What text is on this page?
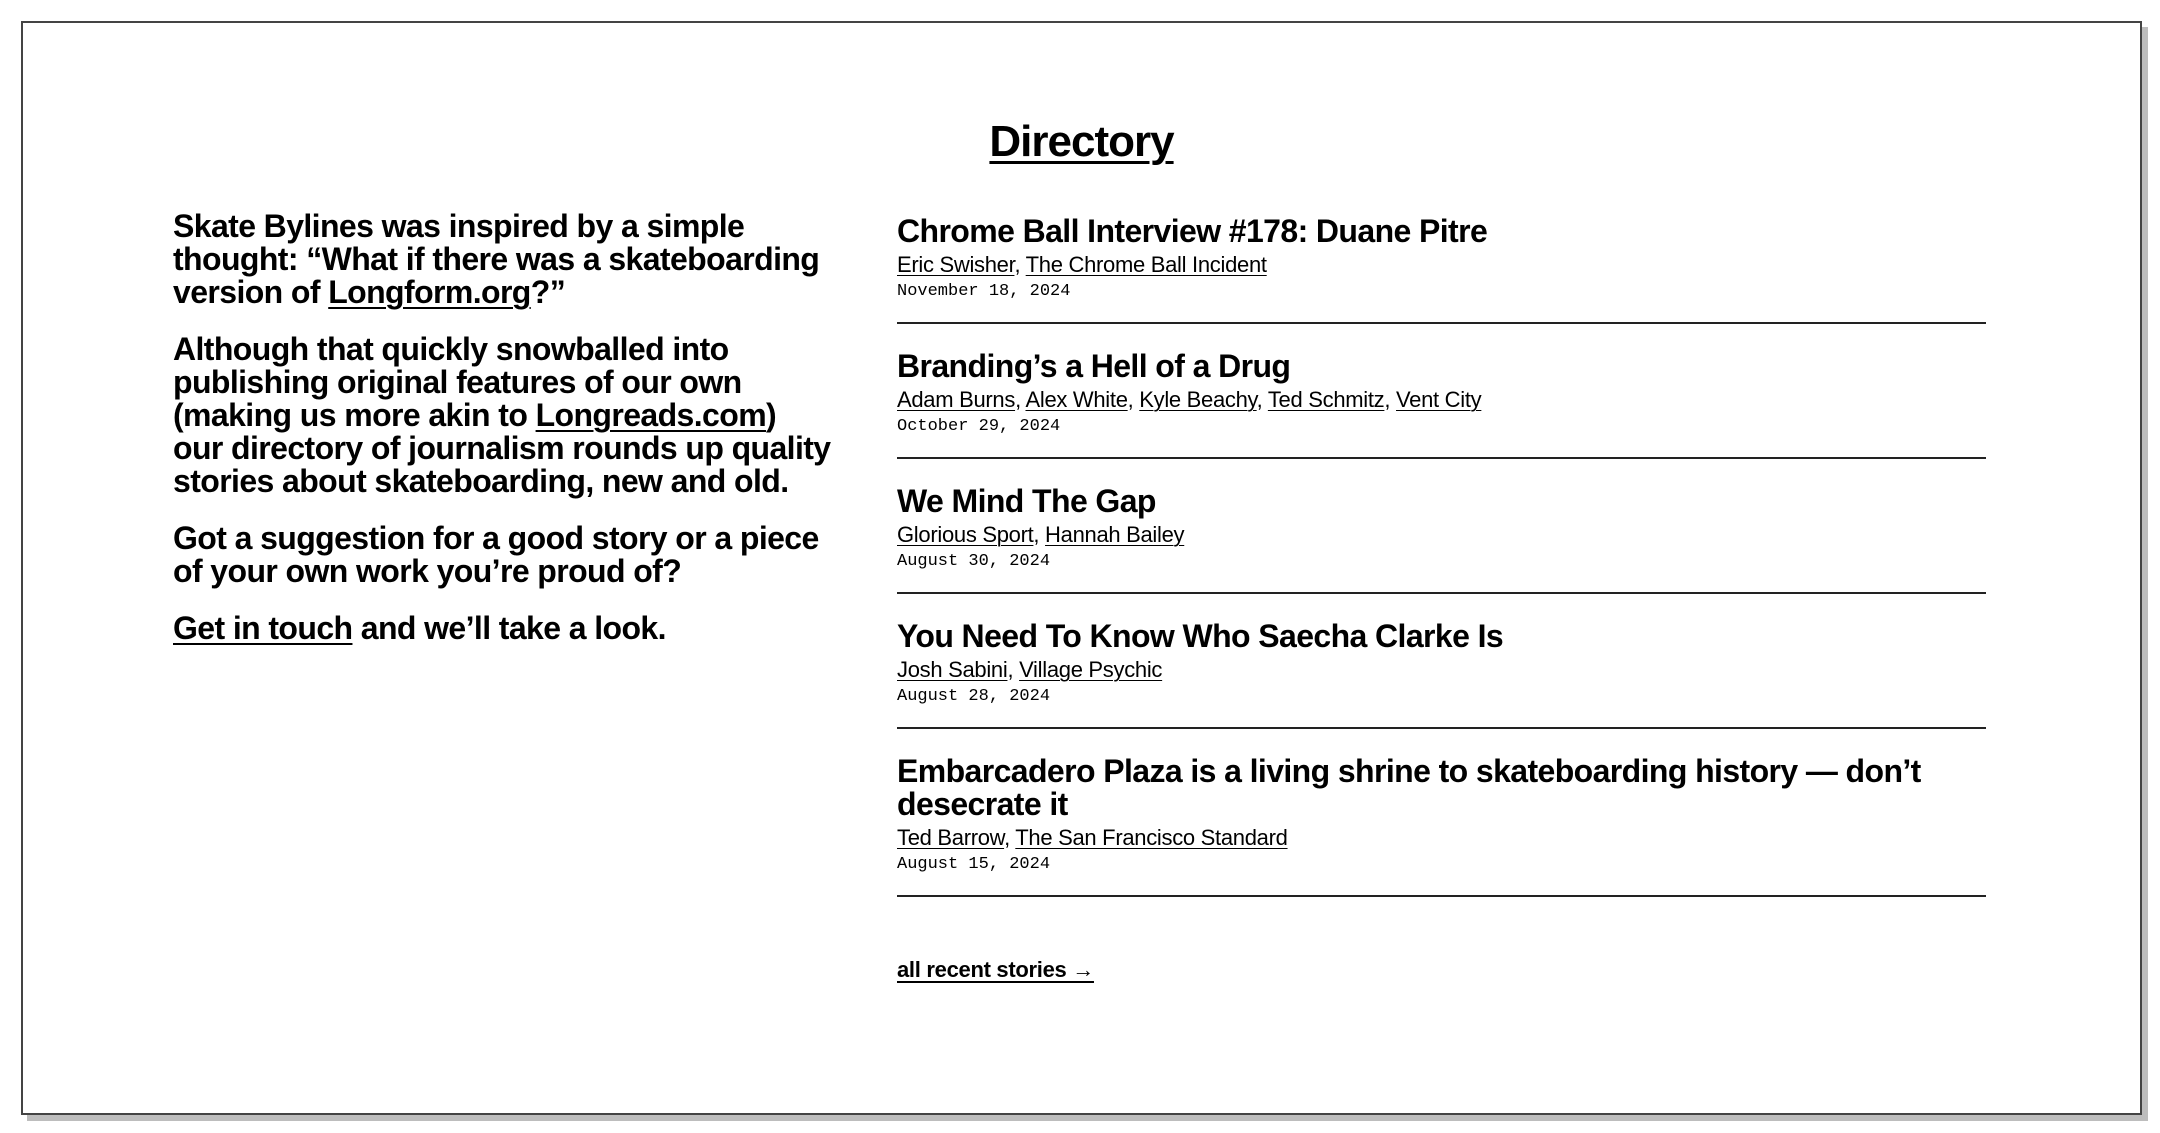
Directory

Skate Bylines was inspired by a simple thought: “What if there was a skateboarding version of Longform.org?”

Although that quickly snowballed into publishing original features of our own (making us more akin to Longreads.com) our directory of journalism rounds up quality stories about skateboarding, new and old.

Got a suggestion for a good story or a piece of your own work you’re proud of?

Get in touch and we’ll take a look.

Chrome Ball Interview #178: Duane Pitre
Eric Swisher, The Chrome Ball Incident
November 18, 2024
Branding’s a Hell of a Drug
Adam Burns, Alex White, Kyle Beachy, Ted Schmitz, Vent City
October 29, 2024
We Mind The Gap
Glorious Sport, Hannah Bailey
August 30, 2024
You Need To Know Who Saecha Clarke Is
Josh Sabini, Village Psychic
August 28, 2024
Embarcadero Plaza is a living shrine to skateboarding history — don’t desecrate it
Ted Barrow, The San Francisco Standard
August 15, 2024
all recent stories →
